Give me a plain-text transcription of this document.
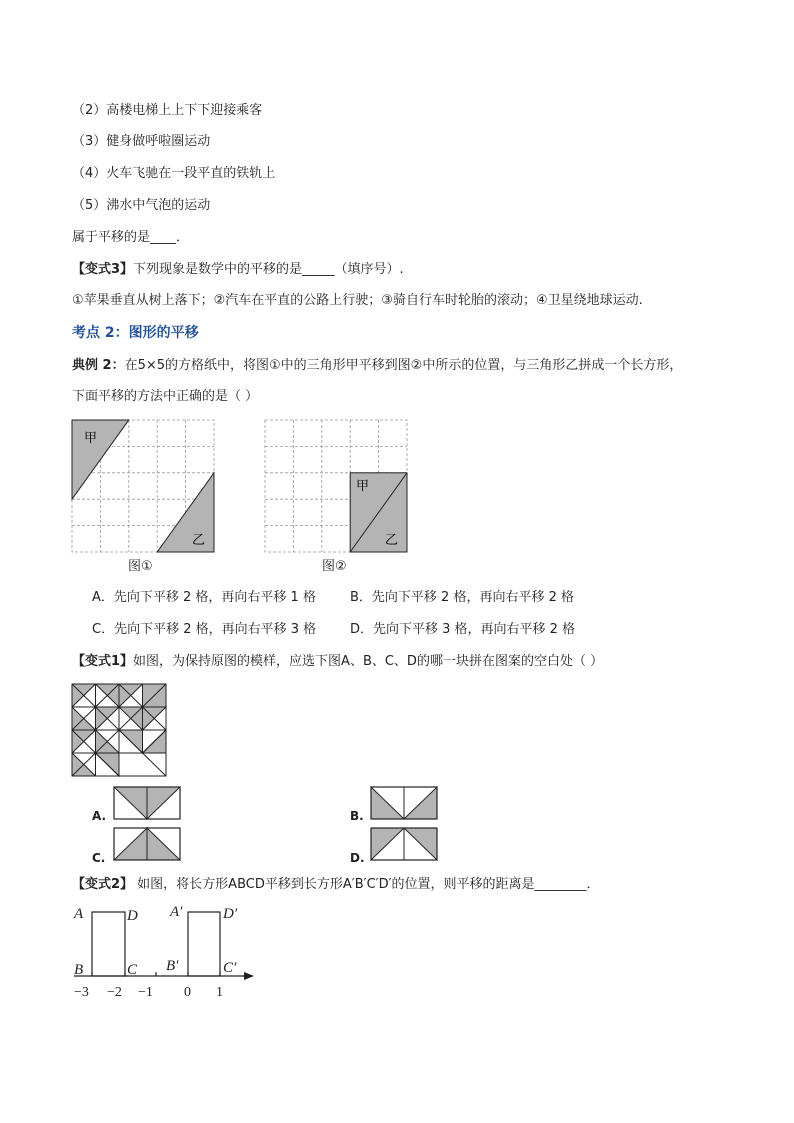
（2）高楼电梯上上下下迎接乘客
（3）健身做呼啦圈运动
（4）火车飞驰在一段平直的铁轨上
（5）沸水中气泡的运动
属于平移的是____．
【变式3】下列现象是数学中的平移的是_____（填序号）.
①苹果垂直从树上落下；②汽车在平直的公路上行驶；③骑自行车时轮胎的滚动；④卫星绕地球运动.
考点 2：图形的平移
典例 2：在5×5的方格纸中，将图①中的三角形甲平移到图②中所示的位置，与三角形乙拼成一个长方形，
下面平移的方法中正确的是（ ）
甲
乙
图①
甲
乙
图②
A．先向下平移 2 格，再向右平移 1 格	B．先向下平移 2 格，再向右平移 2 格
C．先向下平移 2 格，再向右平移 3 格	D．先向下平移 3 格，再向右平移 2 格
【变式1】如图，为保持原图的模样，应选下图A、B、C、D的哪一块拼在图案的空白处（ ）
A.	B.
C.	D.
【变式2】 如图，将长方形ABCD平移到长方形A′B′C′D′的位置，则平移的距离是________．
A	D
B	C
A′	D′
B′	C′
−3 −2 −1 0 1
